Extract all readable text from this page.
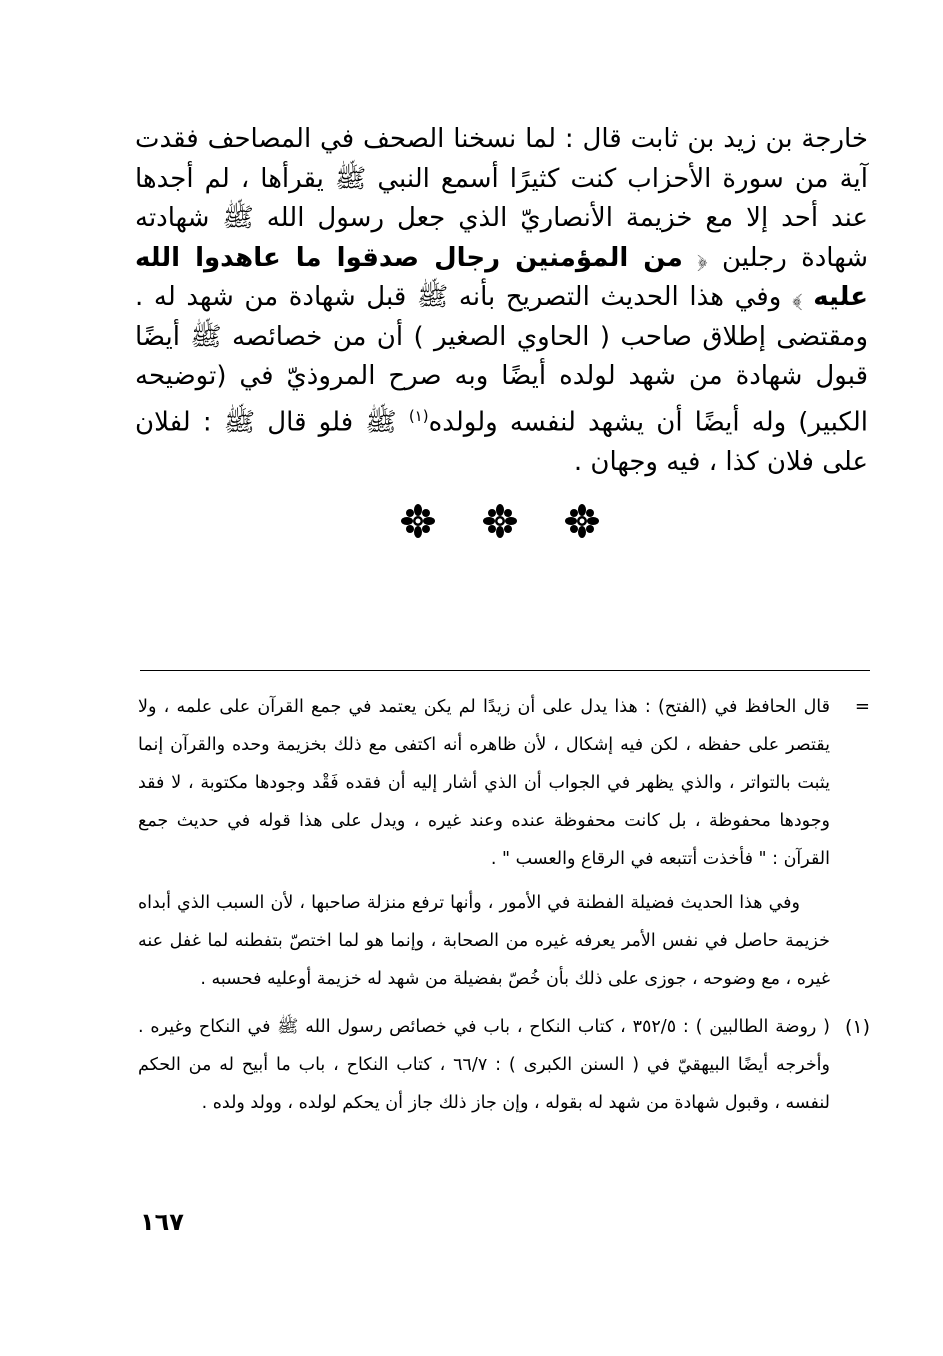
خارجة بن زيد بن ثابت قال : لما نسخنا الصحف في المصاحف فقدت آية من سورة الأحزاب كنت كثيرًا أسمع النبي ﷺ يقرأها ، لم أجدها عند أحد إلا مع خزيمة الأنصاريّ الذي جعل رسول الله ﷺ شهادته شهادة رجلين ﴿ من المؤمنين رجال صدقوا ما عاهدوا الله عليه ﴾ وفي هذا الحديث التصريح بأنه ﷺ قبل شهادة من شهد له . ومقتضى إطلاق صاحب ( الحاوي الصغير ) أن من خصائصه ﷺ أيضًا قبول شهادة من شهد لولده أيضًا وبه صرح المروذيّ في (توضيحه الكبير) وله أيضًا أن يشهد لنفسه ولولده$^{(١)}$ ﷺ فلو قال ﷺ : لفلان على فلان كذا ، فيه وجهان .

=

قال الحافظ في (الفتح) : هذا يدل على أن زيدًا لم يكن يعتمد في جمع القرآن على علمه ، ولا يقتصر على حفظه ، لكن فيه إشكال ، لأن ظاهره أنه اكتفى مع ذلك بخزيمة وحده والقرآن إنما يثبت بالتواتر ، والذي يظهر في الجواب أن الذي أشار إليه أن فقده فَقْد وجودها مكتوبة ، لا فقد وجودها محفوظة ، بل كانت محفوظة عنده وعند غيره ، ويدل على هذا قوله في حديث جمع القرآن : " فأخذت أتتبعه في الرقاع والعسب " .

وفي هذا الحديث فضيلة الفطنة في الأمور ، وأنها ترفع منزلة صاحبها ، لأن السبب الذي أبداه خزيمة حاصل في نفس الأمر يعرفه غيره من الصحابة ، وإنما هو لما اختصّ بتفطنه لما غفل عنه غيره ، مع وضوحه ، جوزى على ذلك بأن خُصّ بفضيلة من شهد له خزيمة أوعليه فحسبه .

(١)

( روضة الطالبين ) : ٣٥٢/٥ ، كتاب النكاح ، باب في خصائص رسول الله ﷺ في النكاح وغيره . وأخرجه أيضًا البيهقيّ في ( السنن الكبرى ) : ٦٦/٧ ، كتاب النكاح ، باب ما أبيح له من الحكم لنفسه ، وقبول شهادة من شهد له بقوله ، وإن جاز ذلك جاز أن يحكم لولده ، وولد ولده .

١٦٧
